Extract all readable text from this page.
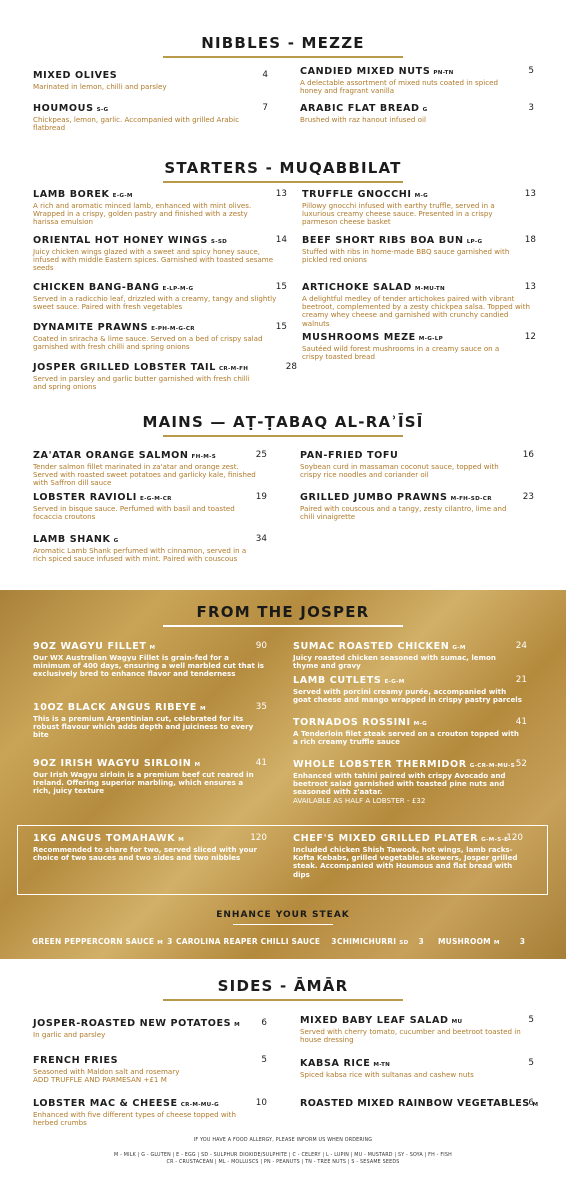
NIBBLES - MEZZE
MIXED OLIVES	4
Marinated in lemon, chilli and parsley
CANDIED MIXED NUTS PN-TN	5
A delectable assortment of mixed nuts coated in spiced honey and fragrant vanilla
HOUMOUS S-G	7
Chickpeas, lemon, garlic. Accompanied with grilled Arabic flatbread
ARABIC FLAT BREAD G	3
Brushed with raz hanout infused oil
STARTERS - MUQABBILAT
LAMB BOREK E-G-M	13
A rich and aromatic minced lamb, enhanced with mint olives. Wrapped in a crispy, golden pastry and finished with a zesty harissa emulsion
TRUFFLE GNOCCHI M-G	13
Pillowy gnocchi infused with earthy truffle, served in a luxurious creamy cheese sauce. Presented in a crispy parmeson cheese basket
ORIENTAL HOT HONEY WINGS S-SD	14
Juicy chicken wings glazed with a sweet and spicy honey sauce, infused with middle Eastern spices. Garnished with toasted sesame seeds
BEEF SHORT RIBS BOA BUN LP-G	18
Stuffed with ribs in home-made BBQ sauce garnished with pickled red onions
CHICKEN BANG-BANG E-LP-M-G	15
Served in a radicchio leaf, drizzled with a creamy, tangy and slightly sweet sauce. Paired with fresh vegetables
ARTICHOKE SALAD M-MU-TN	13
A delightful medley of tender artichokes paired with vibrant beetroot, complemented by a zesty chickpea salsa. Topped with creamy whey cheese and garnished with crunchy candied walnuts
DYNAMITE PRAWNS E-PH-M-G-CR	15
Coated in sriracha & lime sauce. Served on a bed of crispy salad garnished with fresh chilli and spring onions
MUSHROOMS MEZE M-G-LP	12
Sautéed wild forest mushrooms in a creamy sauce on a crispy toasted bread
JOSPER GRILLED LOBSTER TAIL CR-M-FH	28
Served in parsley and garlic butter garnished with fresh chilli and spring onions
MAINS — AṬ-ṬABAQ AL-RAʾĪSĪ
ZA'ATAR ORANGE SALMON FH-M-S	25
Tender salmon fillet marinated in za'atar and orange zest. Served with roasted sweet potatoes and garlicky kale, finished with Saffron dill sauce
PAN-FRIED TOFU	16
Soybean curd in massaman coconut sauce, topped with crispy rice noodles and coriander oil
LOBSTER RAVIOLI E-G-M-CR	19
Served in bisque sauce. Perfumed with basil and toasted focaccia croutons
GRILLED JUMBO PRAWNS M-FH-SD-CR	23
Paired with couscous and a tangy, zesty cilantro, lime and chili vinaigrette
LAMB SHANK G	34
Aromatic Lamb Shank perfumed with cinnamon, served in a rich spiced sauce infused with mint. Paired with couscous
FROM THE JOSPER
9OZ WAGYU FILLET M	90
Our WX Australian Wagyu Fillet is grain-fed for a minimum of 400 days, ensuring a well marbled cut that is exclusively bred to enhance flavor and tenderness
SUMAC ROASTED CHICKEN G-M	24
Juicy roasted chicken seasoned with sumac, lemon thyme and gravy
LAMB CUTLETS E-G-M	21
Served with porcini creamy purée, accompanied with goat cheese and mango wrapped in crispy pastry parcels
10OZ BLACK ANGUS RIBEYE M	35
This is a premium Argentinian cut, celebrated for its robust flavour which adds depth and juiciness to every bite
TORNADOS ROSSINI M-G	41
A Tenderloin filet steak served on a crouton topped with a rich creamy truffle sauce
9OZ IRISH WAGYU SIRLOIN M	41
Our Irish Wagyu sirloin is a premium beef cut reared in Ireland. Offering superior marbling, which ensures a rich, juicy texture
WHOLE LOBSTER THERMIDOR G-CR-M-MU-S 52
Enhanced with tahini paired with crispy Avocado and beetroot salad garnished with toasted pine nuts and seasoned with z'aatar.
AVAILABLE AS HALF A LOBSTER - £32
1KG ANGUS TOMAHAWK M	120
Recommended to share for two, served sliced with your choice of two sauces and two sides and two nibbles
CHEF'S MIXED GRILLED PLATER G-M-S-E
120
Included chicken Shish Tawook, hot wings, lamb racks-Kofta Kebabs, grilled vegetables skewers, Josper grilled steak. Accompanied with Houmous and flat bread with dips
ENHANCE YOUR STEAK
GREEN PEPPERCORN SAUCE M 3 CAROLINA REAPER CHILLI SAUCE 3 CHIMICHURRI SD 3 MUSHROOM M	3
SIDES - ĀMĀR
JOSPER-ROASTED NEW POTATOES M	6
In garlic and parsley
MIXED BABY LEAF SALAD MU	5
Served with cherry tomato, cucumber and beetroot toasted in house dressing
FRENCH FRIES	5
Seasoned with Maldon salt and rosemary
ADD TRUFFLE AND PARMESAN +£1 M
KABSA RICE M-TN	5
Spiced kabsa rice with sultanas and cashew nuts
LOBSTER MAC & CHEESE CR-M-MU-G	10
Enhanced with five different types of cheese topped with herbed crumbs
ROASTED MIXED RAINBOW VEGETABLES M
6
IF YOU HAVE A FOOD ALLERGY, PLEASE INFORM US WHEN ORDERING
M - MILK | G - GLUTEN | E - EGG | SD - SULPHUR DIOXIDE/SULPHITE | C - CELERY | L - LUPIN | MU - MUSTARD | SY - SOYA | FH - FISH
CR - CRUSTACEAN | ML - MOLLUSCS | PN - PEANUTS | TN - TREE NUTS | S - SESAME SEEDS
